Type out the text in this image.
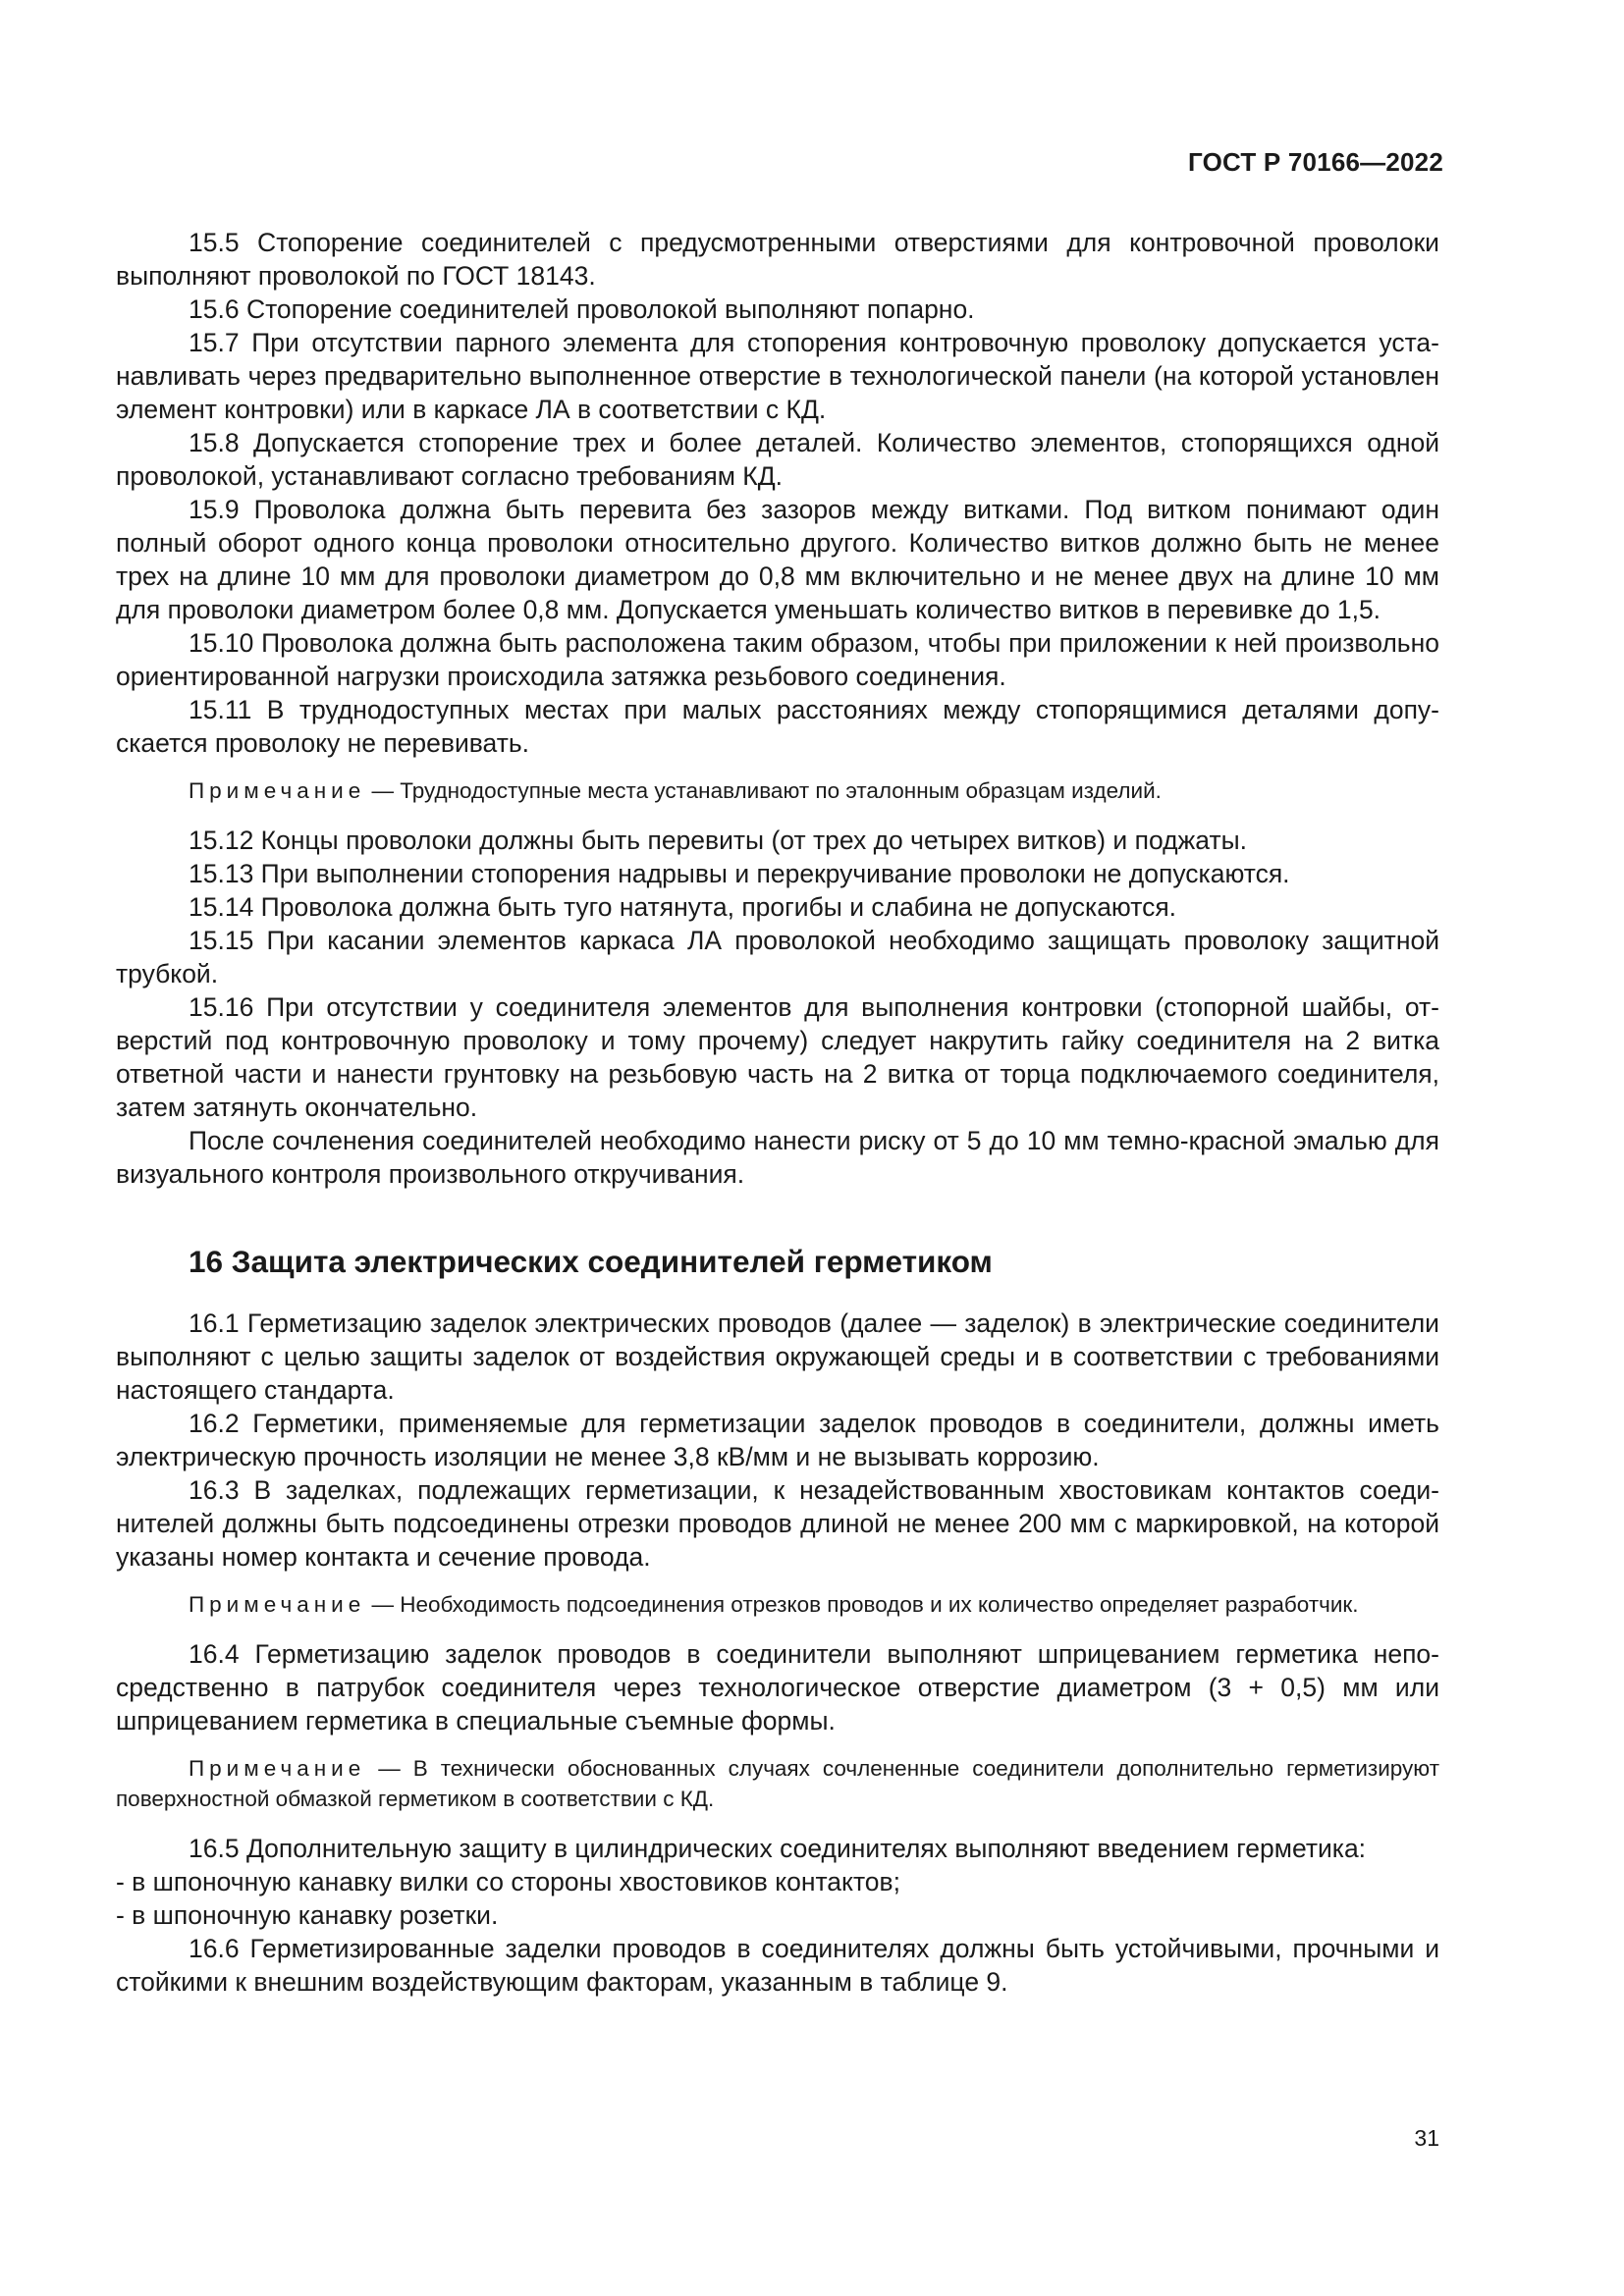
ГОСТ Р 70166—2022

15.5 Стопорение соединителей с предусмотренными отверстиями для контровочной проволоки выполняют проволокой по ГОСТ 18143.

15.6 Стопорение соединителей проволокой выполняют попарно.

15.7 При отсутствии парного элемента для стопорения контровочную проволоку допускается устанавливать через предварительно выполненное отверстие в технологической панели (на которой установлен элемент контровки) или в каркасе ЛА в соответствии с КД.

15.8 Допускается стопорение трех и более деталей. Количество элементов, стопорящихся одной проволокой, устанавливают согласно требованиям КД.

15.9 Проволока должна быть перевита без зазоров между витками. Под витком понимают один полный оборот одного конца проволоки относительно другого. Количество витков должно быть не менее трех на длине 10 мм для проволоки диаметром до 0,8 мм включительно и не менее двух на длине 10 мм для проволоки диаметром более 0,8 мм. Допускается уменьшать количество витков в перевивке до 1,5.

15.10 Проволока должна быть расположена таким образом, чтобы при приложении к ней произвольно ориентированной нагрузки происходила затяжка резьбового соединения.

15.11 В труднодоступных местах при малых расстояниях между стопорящимися деталями допускается проволоку не перевивать.

Примечание — Труднодоступные места устанавливают по эталонным образцам изделий.

15.12 Концы проволоки должны быть перевиты (от трех до четырех витков) и поджаты.

15.13 При выполнении стопорения надрывы и перекручивание проволоки не допускаются.

15.14 Проволока должна быть туго натянута, прогибы и слабина не допускаются.

15.15 При касании элементов каркаса ЛА проволокой необходимо защищать проволоку защитной трубкой.

15.16 При отсутствии у соединителя элементов для выполнения контровки (стопорной шайбы, отверстий под контровочную проволоку и тому прочему) следует накрутить гайку соединителя на 2 витка ответной части и нанести грунтовку на резьбовую часть на 2 витка от торца подключаемого соединителя, затем затянуть окончательно.

После сочленения соединителей необходимо нанести риску от 5 до 10 мм темно-красной эмалью для визуального контроля произвольного откручивания.

16 Защита электрических соединителей герметиком

16.1 Герметизацию заделок электрических проводов (далее — заделок) в электрические соединители выполняют с целью защиты заделок от воздействия окружающей среды и в соответствии с требованиями настоящего стандарта.

16.2 Герметики, применяемые для герметизации заделок проводов в соединители, должны иметь электрическую прочность изоляции не менее 3,8 кВ/мм и не вызывать коррозию.

16.3 В заделках, подлежащих герметизации, к незадействованным хвостовикам контактов соединителей должны быть подсоединены отрезки проводов длиной не менее 200 мм с маркировкой, на которой указаны номер контакта и сечение провода.

Примечание — Необходимость подсоединения отрезков проводов и их количество определяет разработчик.

16.4 Герметизацию заделок проводов в соединители выполняют шприцеванием герметика непосредственно в патрубок соединителя через технологическое отверстие диаметром (3 + 0,5) мм или шприцеванием герметика в специальные съемные формы.

Примечание — В технически обоснованных случаях сочлененные соединители дополнительно герметизируют поверхностной обмазкой герметиком в соответствии с КД.

16.5 Дополнительную защиту в цилиндрических соединителях выполняют введением герметика:

- в шпоночную канавку вилки со стороны хвостовиков контактов;

- в шпоночную канавку розетки.

16.6 Герметизированные заделки проводов в соединителях должны быть устойчивыми, прочными и стойкими к внешним воздействующим факторам, указанным в таблице 9.

31
